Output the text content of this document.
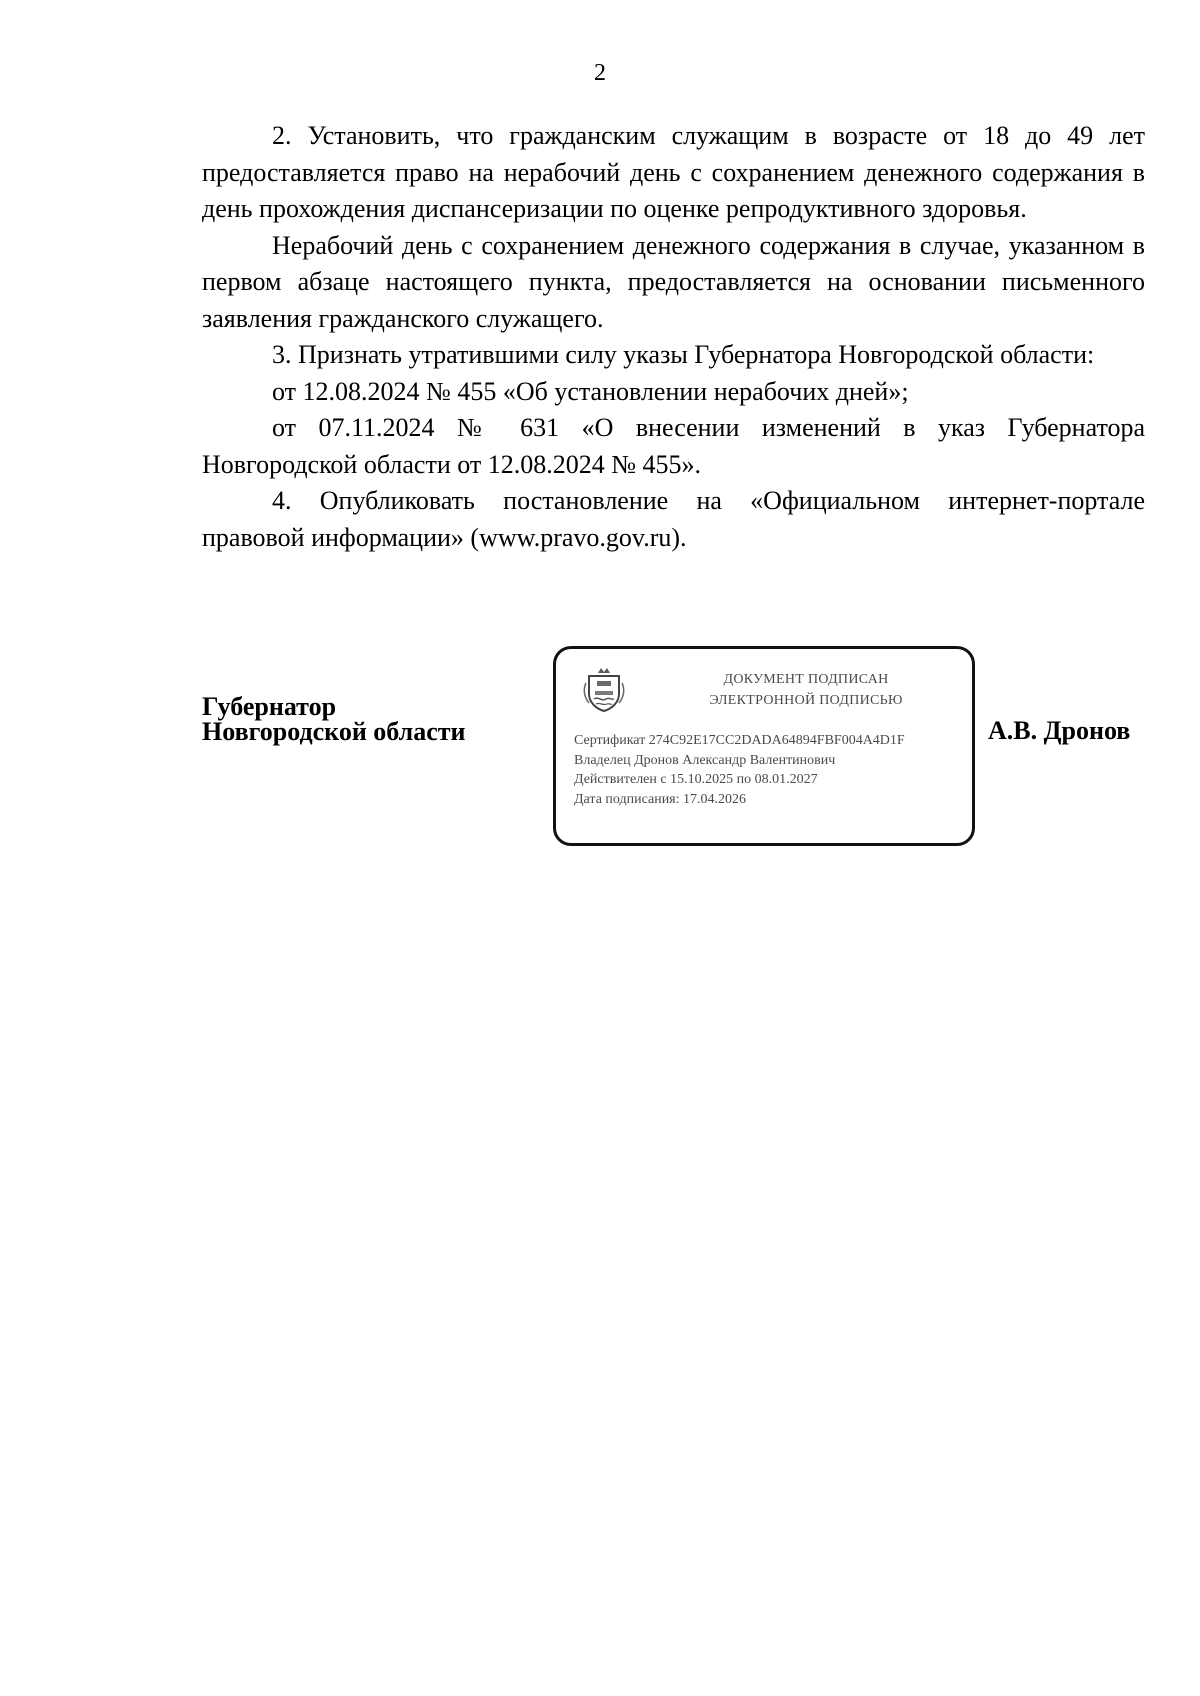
2

2. Установить, что гражданским служащим в возрасте от 18 до 49 лет предоставляется право на нерабочий день с сохранением денежного содержания в день прохождения диспансеризации по оценке репродуктивного здоровья.

Нерабочий день с сохранением денежного содержания в случае, указанном в первом абзаце настоящего пункта, предоставляется на основании письменного заявления гражданского служащего.

3. Признать утратившими силу указы Губернатора Новгородской области:

от 12.08.2024 № 455 «Об установлении нерабочих дней»;

от 07.11.2024 № 631 «О внесении изменений в указ Губернатора Новгородской области от 12.08.2024 № 455».

4. Опубликовать постановление на «Официальном интернет-портале правовой информации» (www.pravo.gov.ru).

Губернатор
Новгородской области
ДОКУМЕНТ ПОДПИСАН
ЭЛЕКТРОННОЙ ПОДПИСЬЮ
Сертификат 274C92E17CC2DADA64894FBF004A4D1F
Владелец Дронов Александр Валентинович
Действителен с 15.10.2025 по 08.01.2027
Дата подписания: 17.04.2026
А.В. Дронов
